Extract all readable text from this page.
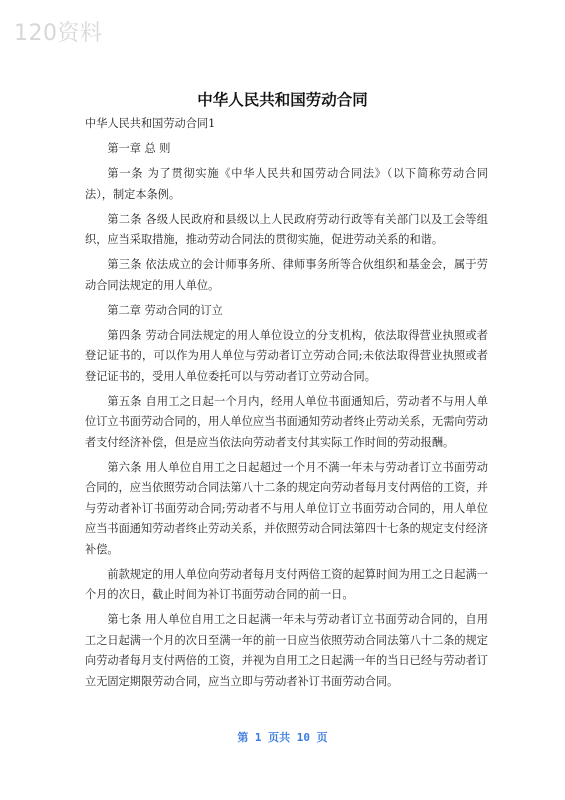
120资料
中华人民共和国劳动合同

中华人民共和国劳动合同1

第一章 总 则

第一条 为了贯彻实施《中华人民共和国劳动合同法》（以下简称劳动合同法），制定本条例。

第二条 各级人民政府和县级以上人民政府劳动行政等有关部门以及工会等组织，应当采取措施，推动劳动合同法的贯彻实施，促进劳动关系的和谐。

第三条 依法成立的会计师事务所、律师事务所等合伙组织和基金会，属于劳动合同法规定的用人单位。

第二章 劳动合同的订立

第四条 劳动合同法规定的用人单位设立的分支机构，依法取得营业执照或者登记证书的，可以作为用人单位与劳动者订立劳动合同;未依法取得营业执照或者登记证书的，受用人单位委托可以与劳动者订立劳动合同。

第五条 自用工之日起一个月内，经用人单位书面通知后，劳动者不与用人单位订立书面劳动合同的，用人单位应当书面通知劳动者终止劳动关系，无需向劳动者支付经济补偿，但是应当依法向劳动者支付其实际工作时间的劳动报酬。

第六条 用人单位自用工之日起超过一个月不满一年未与劳动者订立书面劳动合同的，应当依照劳动合同法第八十二条的规定向劳动者每月支付两倍的工资，并与劳动者补订书面劳动合同;劳动者不与用人单位订立书面劳动合同的，用人单位应当书面通知劳动者终止劳动关系，并依照劳动合同法第四十七条的规定支付经济补偿。

前款规定的用人单位向劳动者每月支付两倍工资的起算时间为用工之日起满一个月的次日，截止时间为补订书面劳动合同的前一日。

第七条 用人单位自用工之日起满一年未与劳动者订立书面劳动合同的，自用工之日起满一个月的次日至满一年的前一日应当依照劳动合同法第八十二条的规定向劳动者每月支付两倍的工资，并视为自用工之日起满一年的当日已经与劳动者订立无固定期限劳动合同，应当立即与劳动者补订书面劳动合同。

第 1 页共 10 页
